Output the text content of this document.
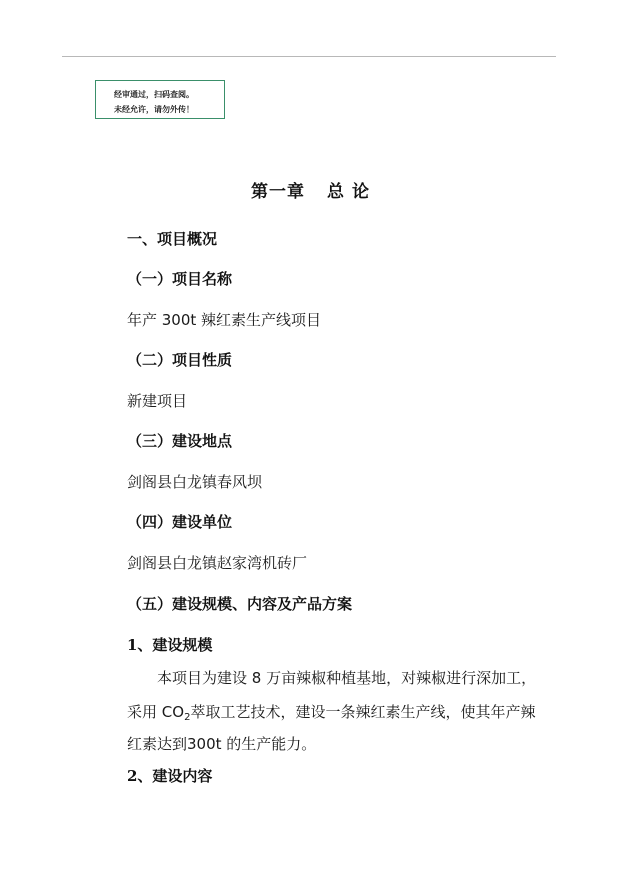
经审通过，扫码查阅。
未经允许，请勿外传！
第一章 总 论
一、项目概况
（一）项目名称
年产 300t 辣红素生产线项目
（二）项目性质
新建项目
（三）建设地点
剑阁县白龙镇春风坝
（四）建设单位
剑阁县白龙镇赵家湾机砖厂
（五）建设规模、内容及产品方案
1、建设规模
本项目为建设 8 万亩辣椒种植基地，对辣椒进行深加工，
采用 $CO_2$萃取工艺技术，建设一条辣红素生产线，使其年产辣
红素达到300t 的生产能力。
2、建设内容
